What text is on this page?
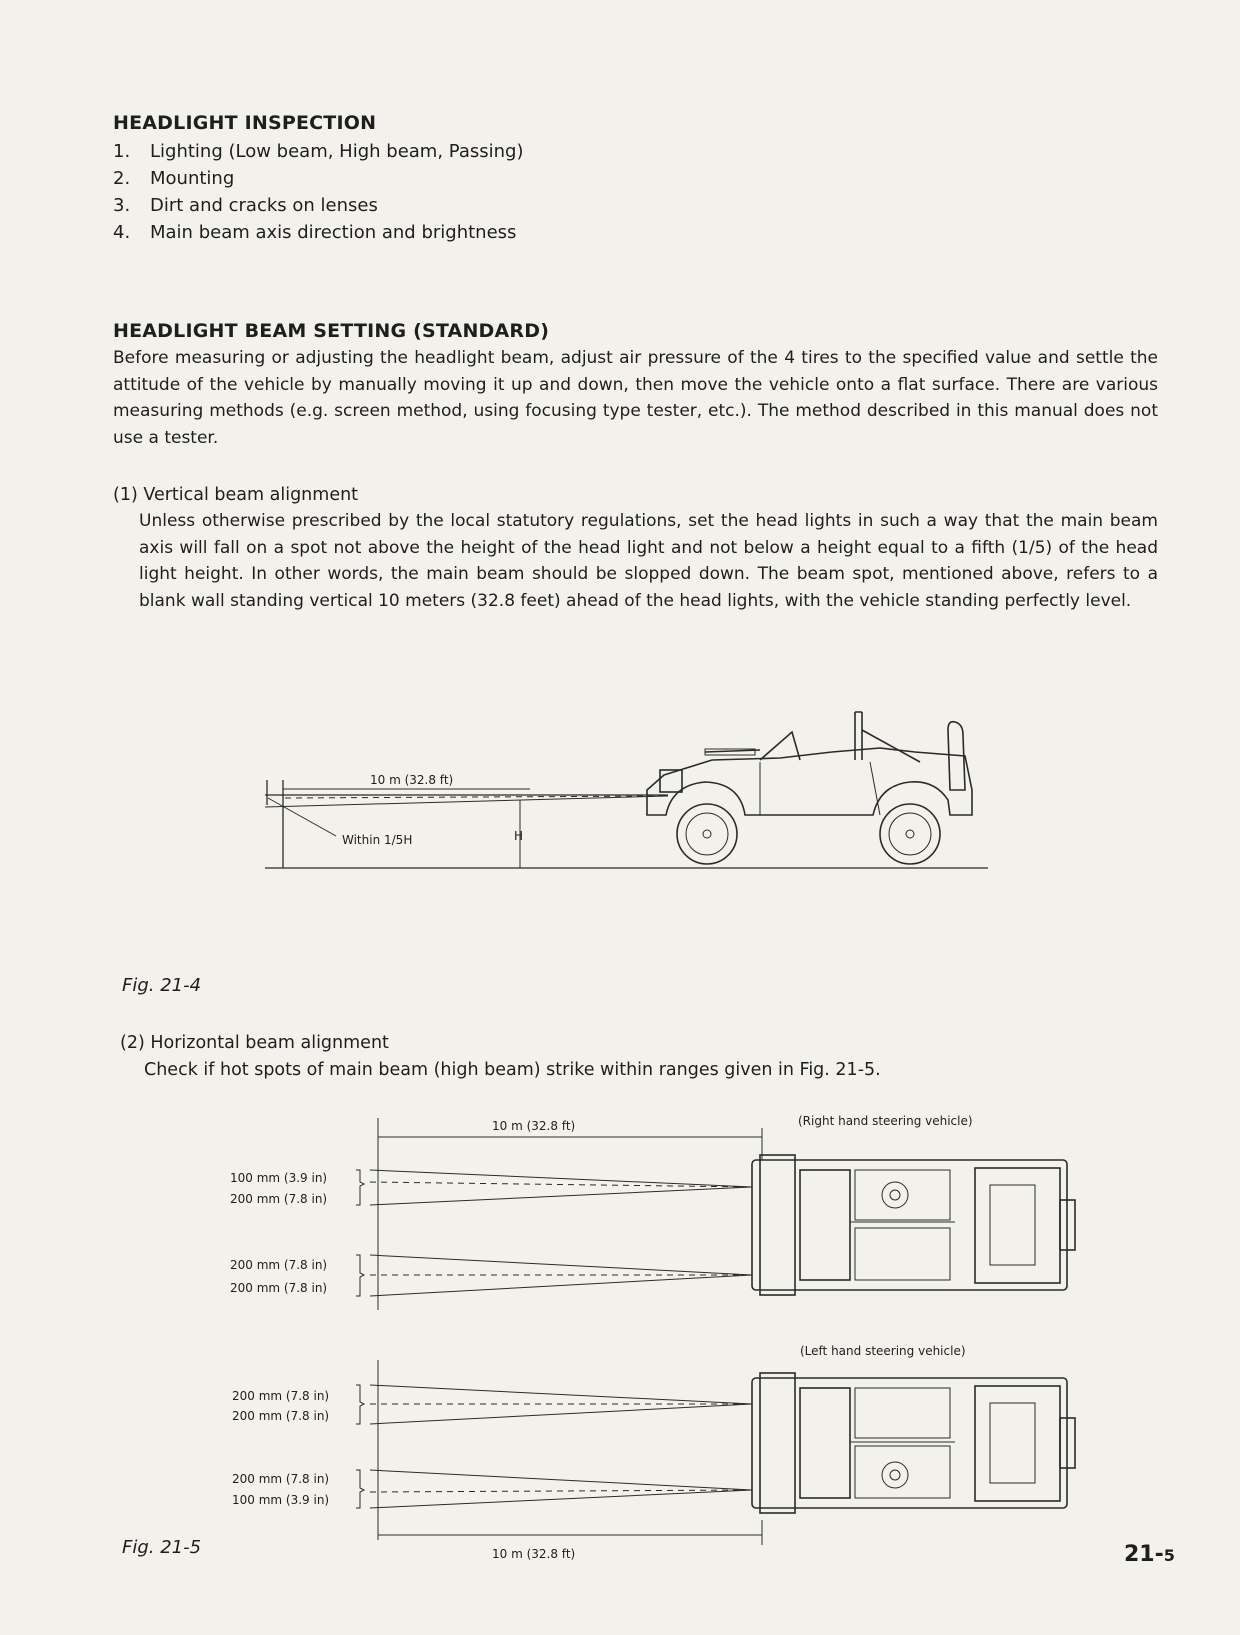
HEADLIGHT INSPECTION
1. Lighting (Low beam, High beam, Passing)
2. Mounting
3. Dirt and cracks on lenses
4. Main beam axis direction and brightness
HEADLIGHT BEAM SETTING (STANDARD)

Before measuring or adjusting the headlight beam, adjust air pressure of the 4 tires to the specified value and settle the attitude of the vehicle by manually moving it up and down, then move the vehicle onto a flat surface. There are various measuring methods (e.g. screen method, using focusing type tester, etc.). The method described in this manual does not use a tester.

(1) Vertical beam alignment

Unless otherwise prescribed by the local statutory regulations, set the head lights in such a way that the main beam axis will fall on a spot not above the height of the head light and not below a height equal to a fifth (1/5) of the head light height. In other words, the main beam should be slopped down. The beam spot, mentioned above, refers to a blank wall standing vertical 10 meters (32.8 feet) ahead of the head lights, with the vehicle standing perfectly level.

10 m (32.8 ft)
Within 1/5H	H
Fig. 21-4
(2) Horizontal beam alignment
Check if hot spots of main beam (high beam) strike within ranges given in Fig. 21-5.
10 m (32.8 ft)	(Right hand steering vehicle)
100 mm (3.9 in)
200 mm (7.8 in)
200 mm (7.8 in)
200 mm (7.8 in)
(Left hand steering vehicle)
200 mm (7.8 in)
200 mm (7.8 in)
200 mm (7.8 in)
100 mm (3.9 in)
10 m (32.8 ft)
Fig. 21-5	21-5
